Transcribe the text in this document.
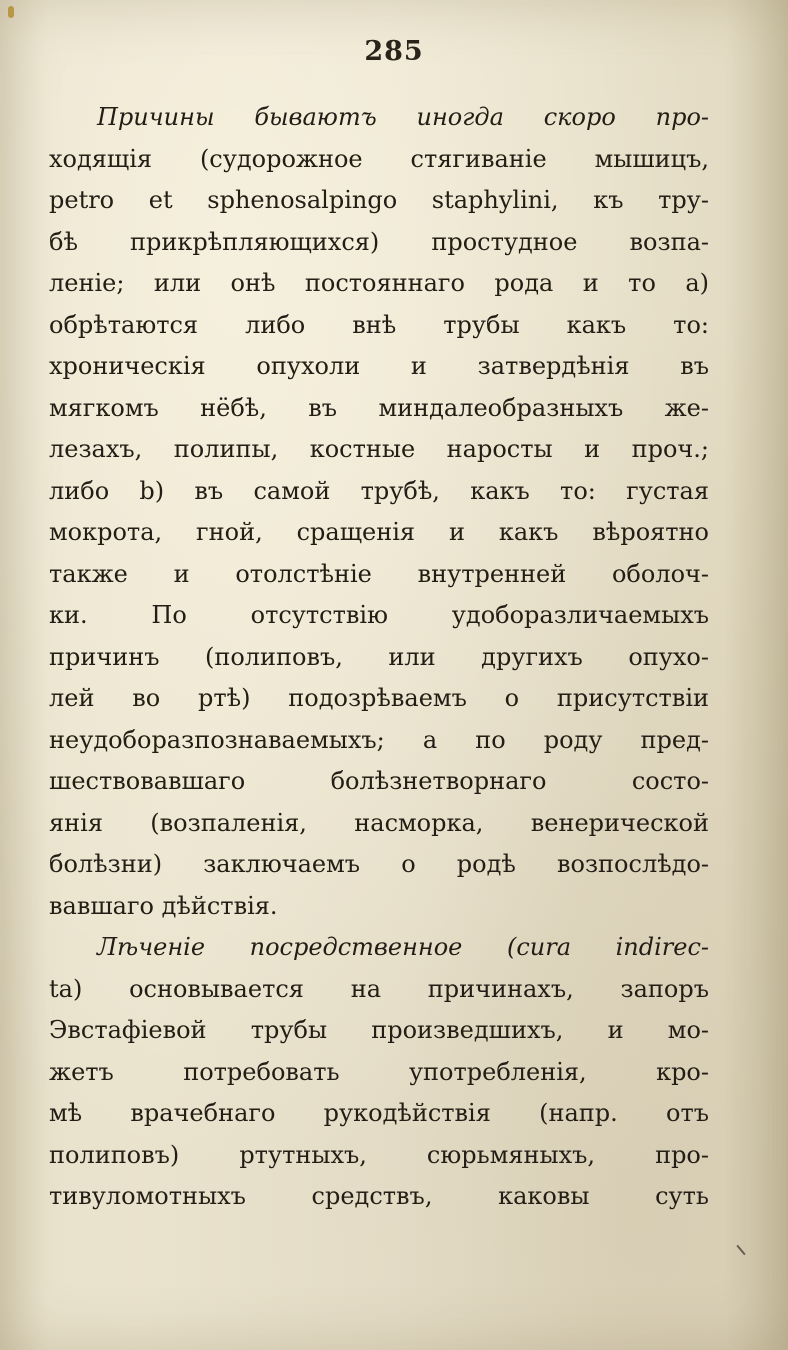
285
Причины бываютъ иногда скоро про-
ходящія (судорожное стягиваніе мышицъ,
petro et sphenosalpingo staphylini, къ тру-
бѣ прикрѣпляющихся) простудное возпа-
леніе; или онѣ постояннаго рода и то а)
обрѣтаются либо внѣ трубы какъ то:
хроническія опухоли и затвердѣнія въ
мягкомъ нёбѣ, въ миндалеобразныхъ же-
лезахъ, полипы, костные наросты и проч.;
либо b) въ самой трубѣ, какъ то: густая
мокрота, гной, сращенія и какъ вѣроятно
также и отолстѣніе внутренней оболоч-
ки. По отсутствію удоборазличаемыхъ
причинъ (полиповъ, или другихъ опухо-
лей во ртѣ) подозрѣваемъ о присутствіи
неудоборазпознаваемыхъ; а по роду пред-
шествовавшаго болѣзнетворнаго состо-
янія (возпаленія, насморка, венерической
болѣзни) заключаемъ о родѣ возпослѣдо-
вавшаго дѣйствія.
Лѣченіе посредственное (cura indirec-
ta) основывается на причинахъ, запоръ
Эвстафіевой трубы произведшихъ, и мо-
жетъ потребовать употребленія, кро-
мѣ врачебнаго рукодѣйствія (напр. отъ
полиповъ) ртутныхъ, сюрьмяныхъ, про-
тивуломотныхъ средствъ, каковы суть
